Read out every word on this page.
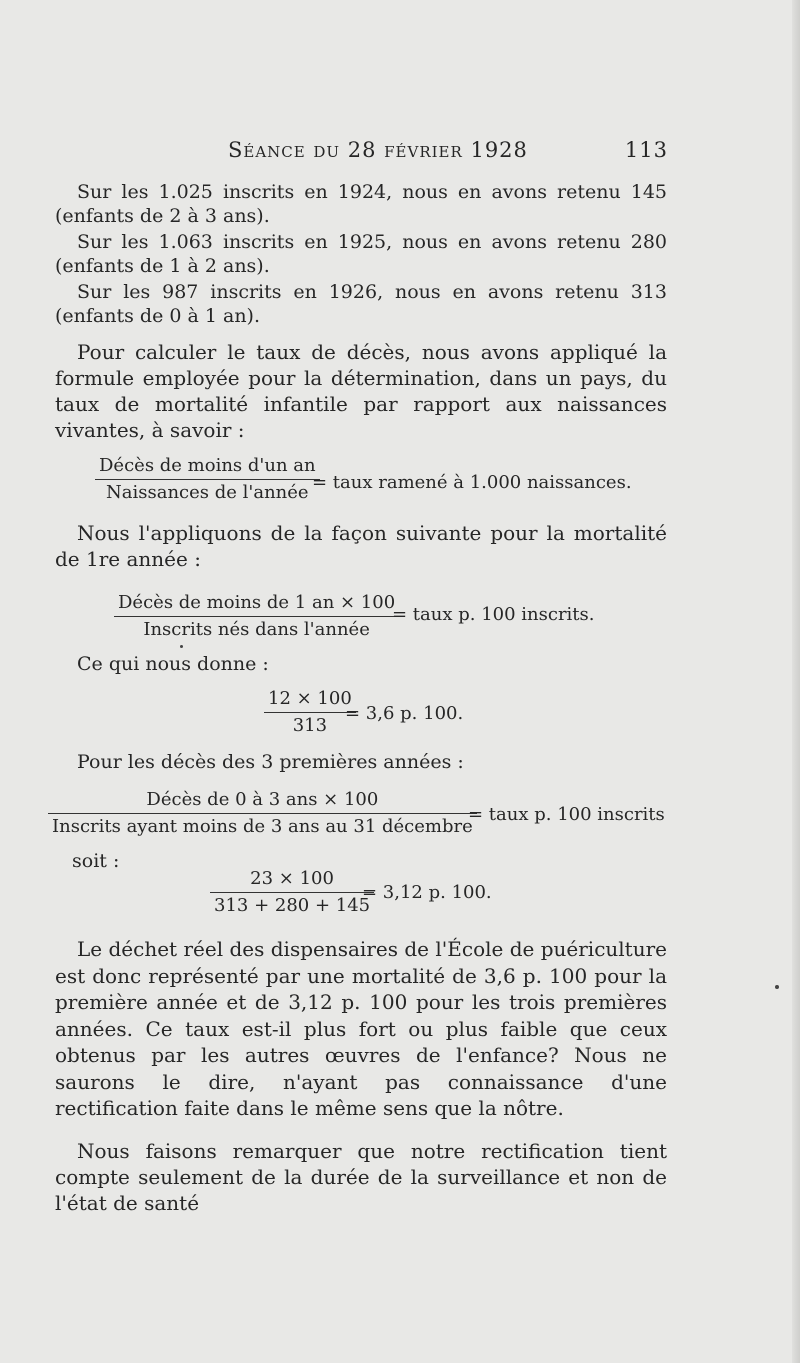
Séance du 28 février 1928	113
Sur les 1.025 inscrits en 1924, nous en avons retenu 145 (enfants de 2 à 3 ans).
Sur les 1.063 inscrits en 1925, nous en avons retenu 280 (enfants de 1 à 2 ans).
Sur les 987 inscrits en 1926, nous en avons retenu 313 (enfants de 0 à 1 an).
Pour calculer le taux de décès, nous avons appliqué la formule employée pour la détermination, dans un pays, du taux de mortalité infantile par rapport aux naissances vivantes, à savoir :
Décès de moins d'un an
Naissances de l'année = taux ramené à 1.000 naissances.
Nous l'appliquons de la façon suivante pour la mortalité de 1re année :
Décès de moins de 1 an × 100
Inscrits nés dans l'année
= taux p. 100 inscrits.
Ce qui nous donne :
$\frac{12 \times 100}{313}$
= 3,6 p. 100.
Pour les décès des 3 premières années :
Décès de 0 à 3 ans × 100
Inscrits ayant moins de 3 ans au 31 décembre
= taux p. 100 inscrits
soit :
$\frac{23 \times 100}{313 + 280 + 145}$
= 3,12 p. 100.
Le déchet réel des dispensaires de l'École de puériculture est donc représenté par une mortalité de 3,6 p. 100 pour la première année et de 3,12 p. 100 pour les trois premières années. Ce taux est-il plus fort ou plus faible que ceux obtenus par les autres œuvres de l'enfance? Nous ne saurons le dire, n'ayant pas connaissance d'une rectification faite dans le même sens que la nôtre.
Nous faisons remarquer que notre rectification tient compte seulement de la durée de la surveillance et non de l'état de santé
